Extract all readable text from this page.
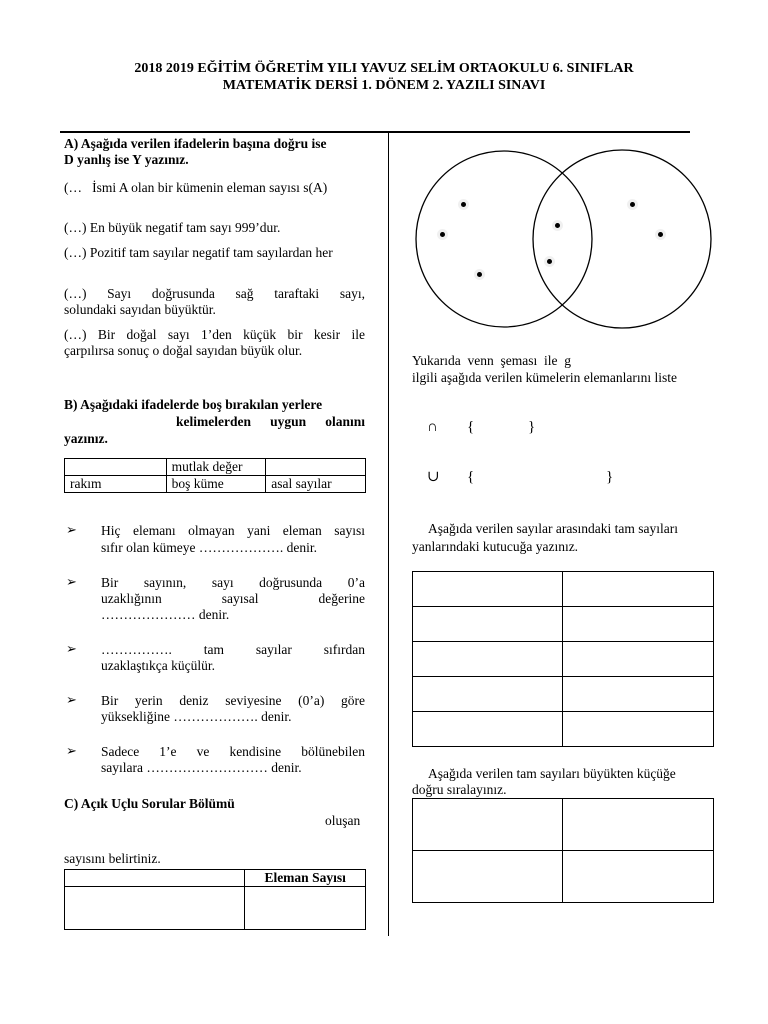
2018 2019 EĞİTİM ÖĞRETİM YILI YAVUZ SELİM ORTAOKULU 6. SINIFLAR
MATEMATİK DERSİ 1. DÖNEM 2. YAZILI SINAVI
A) Aşağıda verilen ifadelerin başına doğru ise
D yanlış ise Y yazınız.
(…   İsmi A olan bir kümenin eleman sayısı s(A)
(…) En büyük negatif tam sayı 999’dur.
(…) Pozitif tam sayılar negatif tam sayılardan her
(…) Sayı doğrusunda sağ taraftaki sayı,
solundaki sayıdan büyüktür.
(…) Bir doğal sayı 1’den küçük bir kesir ile
çarpılırsa sonuç o doğal sayıdan büyük olur.
B) Aşağıdaki ifadelerde boş bırakılan yerlere
kelimelerden  uygun  olanını
yazınız.
	mutlak değer	
rakım	boş küme	asal sayılar
➢ Hiç  elemanı  olmayan  yani  eleman  sayısı
sıfır olan kümeye ………………. denir.
➢ Bir   sayının,   sayı   doğrusunda   0’a
uzaklığının        sayısal        değerine
………………… denir.
➢ …………….     tam     sayılar     sıfırdan
uzaklaştıkça küçülür.
➢ Bir  yerin  deniz  seviyesine  (0’a)  göre
yüksekliğine ………………. denir.
➢ Sadece  1’e  ve  kendisine  bölünebilen
sayılara ……………………… denir.
C) Açık Uçlu Sorular Bölümü
oluşan
sayısını belirtiniz.
	Eleman Sayısı

Yukarıda  venn  şeması  ile  g
ilgili aşağıda verilen kümelerin elemanlarını liste
∩ {	}
∪ {	}
Aşağıda verilen sayılar arasındaki tam sayıları
yanlarındaki kutucuğa yazınız.

Aşağıda verilen tam sayıları büyükten küçüğe
doğru sıralayınız.
